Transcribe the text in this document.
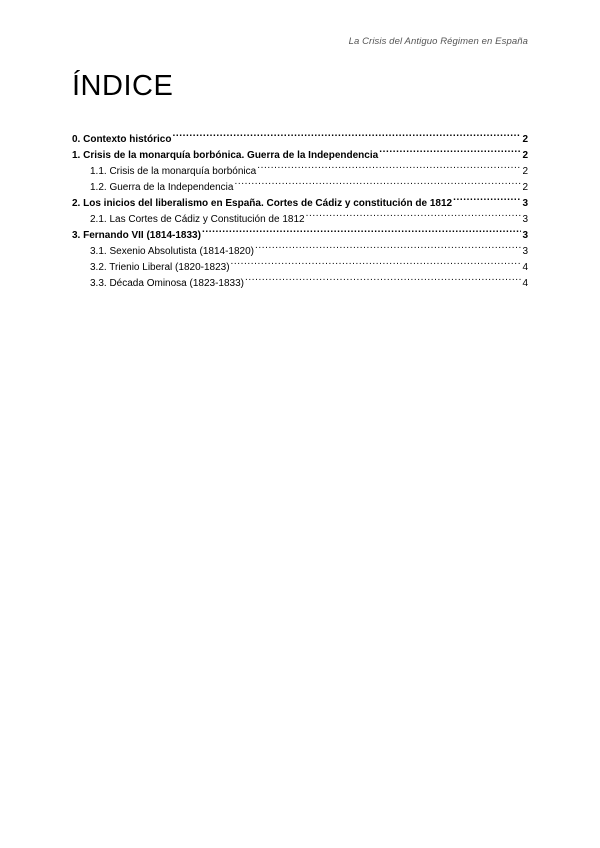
La Crisis del Antiguo Régimen en España
ÍNDICE
0. Contexto histórico .....	2
1. Crisis de la monarquía borbónica. Guerra de la Independencia .....	2
1.1. Crisis de la monarquía borbónica .....	2
1.2. Guerra de la Independencia .....	2
2. Los inicios del liberalismo en España. Cortes de Cádiz y constitución de 1812 .....	3
2.1. Las Cortes de Cádiz y Constitución de 1812 .....	3
3. Fernando VII (1814-1833) .....	3
3.1. Sexenio Absolutista (1814-1820) .....	3
3.2. Trienio Liberal (1820-1823) .....	4
3.3. Década Ominosa (1823-1833) .....	4
